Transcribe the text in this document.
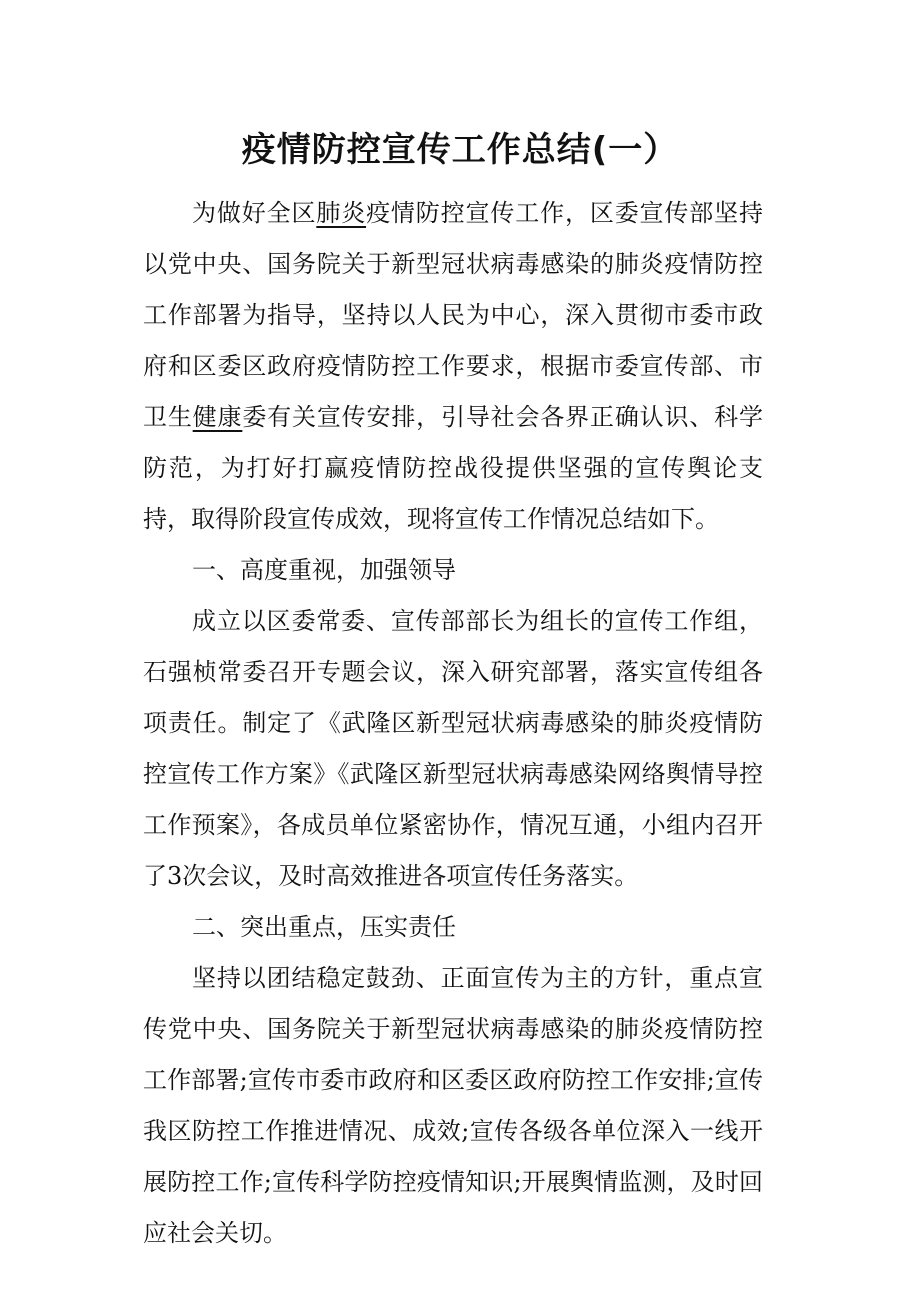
疫情防控宣传工作总结(一）

为做好全区肺炎疫情防控宣传工作，区委宣传部坚持以党中央、国务院关于新型冠状病毒感染的肺炎疫情防控工作部署为指导，坚持以人民为中心，深入贯彻市委市政府和区委区政府疫情防控工作要求，根据市委宣传部、市卫生健康委有关宣传安排，引导社会各界正确认识、科学防范，为打好打赢疫情防控战役提供坚强的宣传舆论支持，取得阶段宣传成效，现将宣传工作情况总结如下。

一、高度重视，加强领导

成立以区委常委、宣传部部长为组长的宣传工作组，石强桢常委召开专题会议，深入研究部署，落实宣传组各项责任。制定了《武隆区新型冠状病毒感染的肺炎疫情防控宣传工作方案》《武隆区新型冠状病毒感染网络舆情导控工作预案》，各成员单位紧密协作，情况互通，小组内召开了3次会议，及时高效推进各项宣传任务落实。

二、突出重点，压实责任

坚持以团结稳定鼓劲、正面宣传为主的方针，重点宣传党中央、国务院关于新型冠状病毒感染的肺炎疫情防控工作部署;宣传市委市政府和区委区政府防控工作安排;宣传我区防控工作推进情况、成效;宣传各级各单位深入一线开展防控工作;宣传科学防控疫情知识;开展舆情监测，及时回应社会关切。
